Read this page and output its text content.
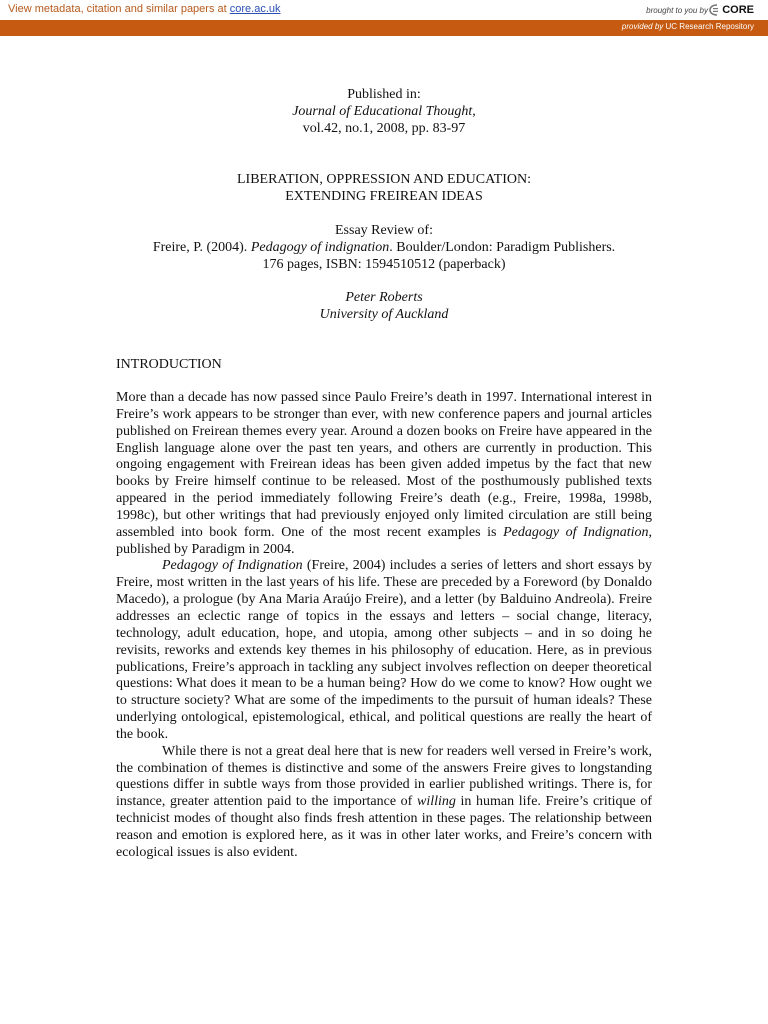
View metadata, citation and similar papers at core.ac.uk	brought to you by CORE
provided by UC Research Repository
Published in:
Journal of Educational Thought,
vol.42, no.1, 2008, pp. 83-97
LIBERATION, OPPRESSION AND EDUCATION:
EXTENDING FREIREAN IDEAS
Essay Review of:
Freire, P. (2004). Pedagogy of indignation. Boulder/London: Paradigm Publishers.
176 pages, ISBN: 1594510512 (paperback)
Peter Roberts
University of Auckland
INTRODUCTION

More than a decade has now passed since Paulo Freire’s death in 1997. International interest in Freire’s work appears to be stronger than ever, with new conference papers and journal articles published on Freirean themes every year. Around a dozen books on Freire have appeared in the English language alone over the past ten years, and others are currently in production. This ongoing engagement with Freirean ideas has been given added impetus by the fact that new books by Freire himself continue to be released. Most of the posthumously published texts appeared in the period immediately following Freire’s death (e.g., Freire, 1998a, 1998b, 1998c), but other writings that had previously enjoyed only limited circulation are still being assembled into book form. One of the most recent examples is Pedagogy of Indignation, published by Paradigm in 2004.

Pedagogy of Indignation (Freire, 2004) includes a series of letters and short essays by Freire, most written in the last years of his life. These are preceded by a Foreword (by Donaldo Macedo), a prologue (by Ana Maria Araújo Freire), and a letter (by Balduino Andreola). Freire addresses an eclectic range of topics in the essays and letters – social change, literacy, technology, adult education, hope, and utopia, among other subjects – and in so doing he revisits, reworks and extends key themes in his philosophy of education. Here, as in previous publications, Freire’s approach in tackling any subject involves reflection on deeper theoretical questions: What does it mean to be a human being? How do we come to know? How ought we to structure society? What are some of the impediments to the pursuit of human ideals? These underlying ontological, epistemological, ethical, and political questions are really the heart of the book.

While there is not a great deal here that is new for readers well versed in Freire’s work, the combination of themes is distinctive and some of the answers Freire gives to longstanding questions differ in subtle ways from those provided in earlier published writings. There is, for instance, greater attention paid to the importance of willing in human life. Freire’s critique of technicist modes of thought also finds fresh attention in these pages. The relationship between reason and emotion is explored here, as it was in other later works, and Freire’s concern with ecological issues is also evident.
